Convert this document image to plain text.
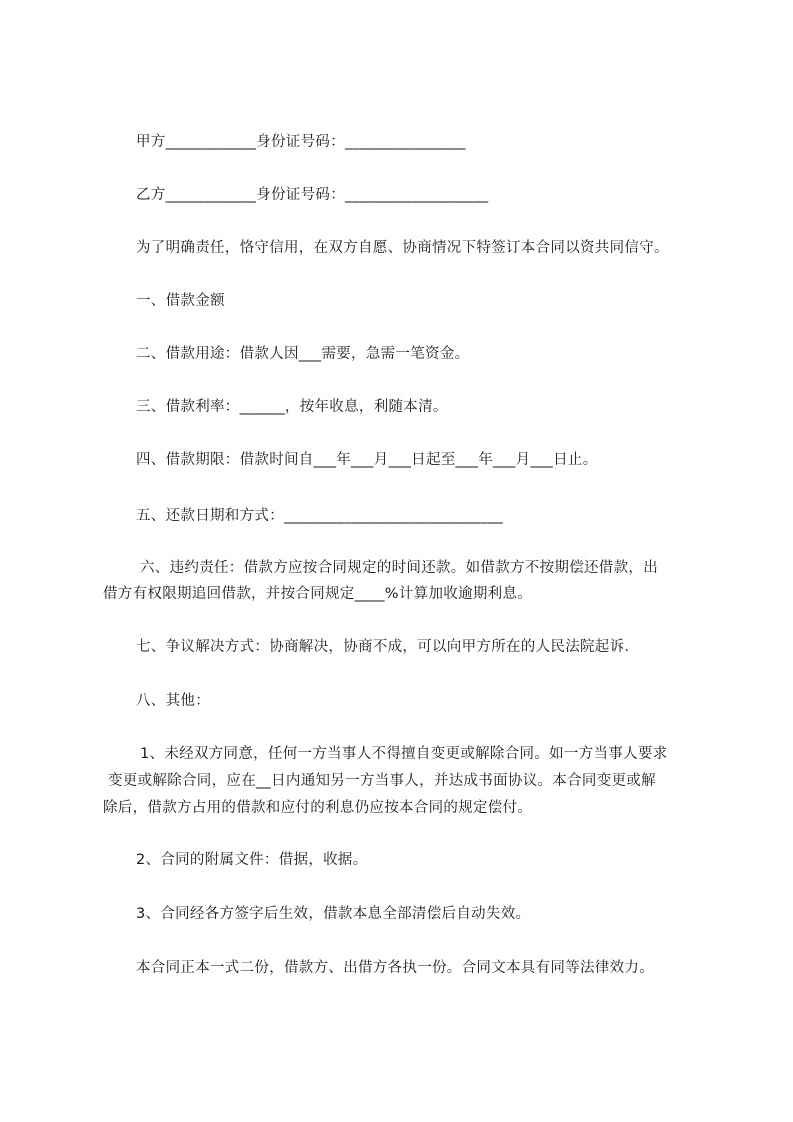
甲方____________身份证号码：________________
乙方____________身份证号码：___________________
为了明确责任，恪守信用，在双方自愿、协商情况下特签订本合同以资共同信守。
一、借款金额
二、借款用途：借款人因___需要，急需一笔资金。
三、借款利率：______，按年收息，利随本清。
四、借款期限：借款时间自___年___月___日起至___年___月___日止。
五、还款日期和方式：_____________________________
六、违约责任：借款方应按合同规定的时间还款。如借款方不按期偿还借款，出
借方有权限期追回借款，并按合同规定____%计算加收逾期利息。
七、争议解决方式：协商解决，协商不成，可以向甲方所在的人民法院起诉.
八、其他：
1、未经双方同意，任何一方当事人不得擅自变更或解除合同。如一方当事人要求
变更或解除合同，应在__日内通知另一方当事人，并达成书面协议。本合同变更或解
除后，借款方占用的借款和应付的利息仍应按本合同的规定偿付。
2、合同的附属文件：借据，收据。
3、合同经各方签字后生效，借款本息全部清偿后自动失效。
本合同正本一式二份，借款方、出借方各执一份。合同文本具有同等法律效力。
